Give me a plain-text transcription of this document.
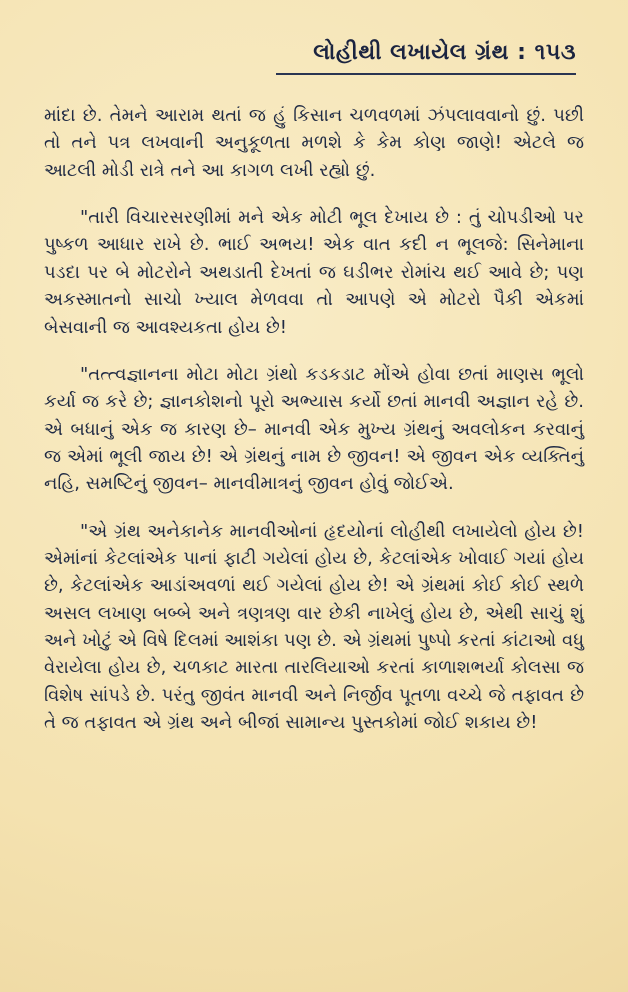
લોહીથી લખાયેલ ગ્રંથ : ૧૫૩

માંદા છે. તેમને આરામ થતાં જ હું કિસાન ચળવળમાં ઝંપલાવવાનો છું. પછી તો તને પત્ર લખવાની અનુકૂળતા મળશે કે કેમ કોણ જાણે! એટલે જ આટલી મોડી રાત્રે તને આ કાગળ લખી રહ્યો છું.

"તારી વિચારસરણીમાં મને એક મોટી ભૂલ દેખાય છે : તું ચોપડીઓ પર પુષ્કળ આધાર રાખે છે. ભાઈ અભય! એક વાત કદી ન ભૂલજે: સિનેમાના પડદા પર બે મોટરોને અથડાતી દેખતાં જ ઘડીભર રોમાંચ થઈ આવે છે; પણ અકસ્માતનો સાચો ખ્યાલ મેળવવા તો આપણે એ મોટરો પૈકી એકમાં બેસવાની જ આવશ્યકતા હોય છે!

"તત્ત્વજ્ઞાનના મોટા મોટા ગ્રંથો કડકડાટ મોંએ હોવા છતાં માણસ ભૂલો કર્યા જ કરે છે; જ્ઞાનકોશનો પૂરો અભ્યાસ કર્યો છતાં માનવી અજ્ઞાન રહે છે. એ બધાનું એક જ કારણ છે– માનવી એક મુખ્ય ગ્રંથનું અવલોકન કરવાનું જ એમાં ભૂલી જાય છે! એ ગ્રંથનું નામ છે જીવન! એ જીવન એક વ્યક્તિનું નહિ, સમષ્ટિનું જીવન– માનવીમાત્રનું જીવન હોવું જોઈએ.

"એ ગ્રંથ અનેકાનેક માનવીઓનાં હૃદયોનાં લોહીથી લખાયેલો હોય છે! એમાંનાં કેટલાંએક પાનાં ફાટી ગયેલાં હોય છે, કેટલાંએક ખોવાઈ ગયાં હોય છે, કેટલાંએક આડાંઅવળાં થઈ ગયેલાં હોય છે! એ ગ્રંથમાં કોઈ કોઈ સ્થળે અસલ લખાણ બબ્બે અને ત્રણત્રણ વાર છેકી નાખેલું હોય છે, એથી સાચું શું અને ખોટું એ વિષે દિલમાં આશંકા પણ છે. એ ગ્રંથમાં પુષ્પો કરતાં કાંટાઓ વધુ વેરાયેલા હોય છે, ચળકાટ મારતા તારલિયાઓ કરતાં કાળાશભર્યા કોલસા જ વિશેષ સાંપડે છે. પરંતુ જીવંત માનવી અને નિર્જીવ પૂતળા વચ્ચે જે તફાવત છે તે જ તફાવત એ ગ્રંથ અને બીજાં સામાન્ય પુસ્તકોમાં જોઈ શકાય છે!
